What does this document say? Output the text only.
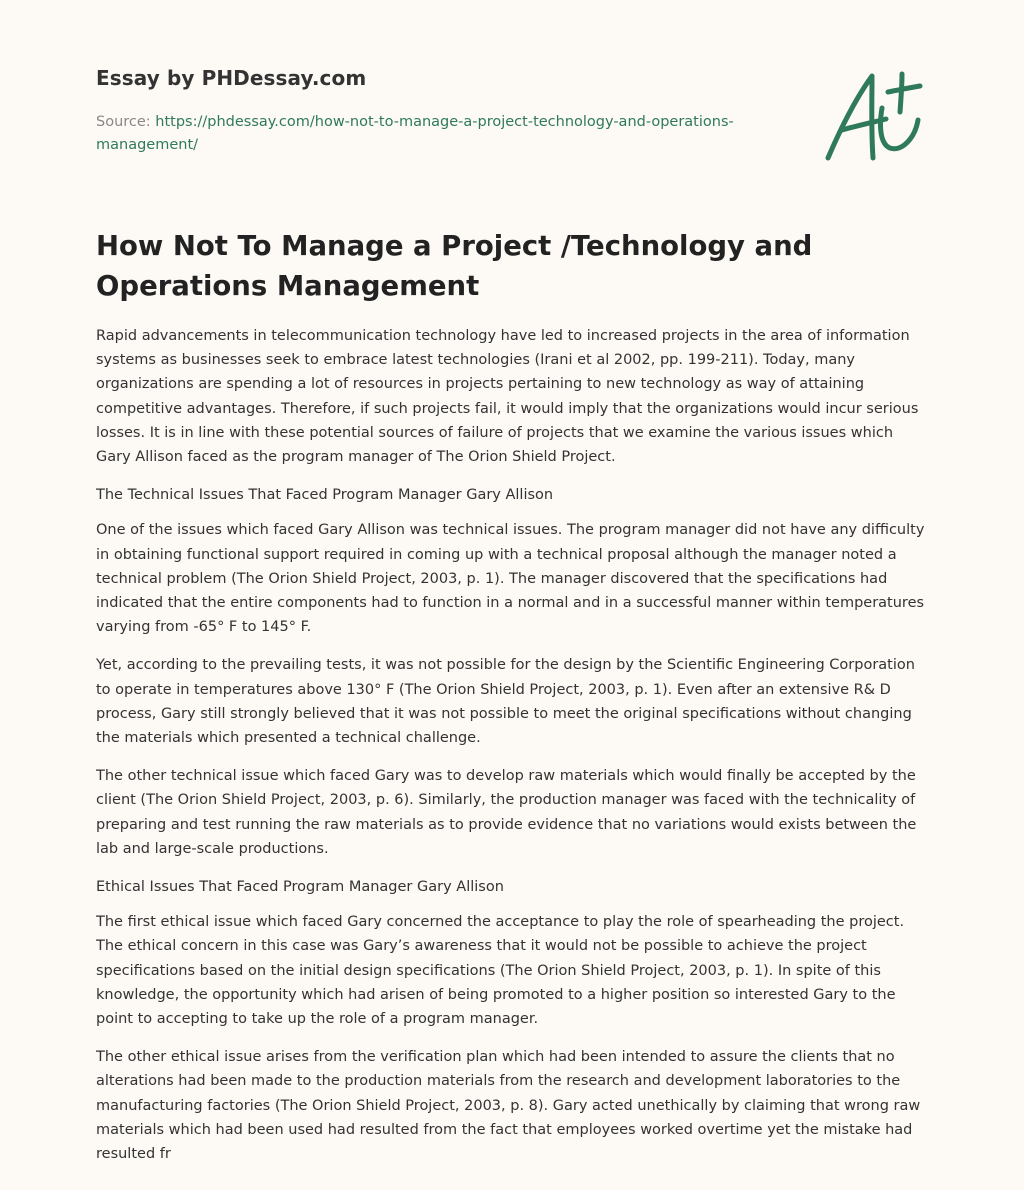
Essay by PHDessay.com
Source: https://phdessay.com/how-not-to-manage-a-project-technology-and-operations-management/
How Not To Manage a Project /Technology and Operations Management

Rapid advancements in telecommunication technology have led to increased projects in the area of information systems as businesses seek to embrace latest technologies (Irani et al 2002, pp. 199-211). Today, many organizations are spending a lot of resources in projects pertaining to new technology as way of attaining competitive advantages. Therefore, if such projects fail, it would imply that the organizations would incur serious losses. It is in line with these potential sources of failure of projects that we examine the various issues which Gary Allison faced as the program manager of The Orion Shield Project.

The Technical Issues That Faced Program Manager Gary Allison

One of the issues which faced Gary Allison was technical issues. The program manager did not have any difficulty in obtaining functional support required in coming up with a technical proposal although the manager noted a technical problem (The Orion Shield Project, 2003, p. 1). The manager discovered that the specifications had indicated that the entire components had to function in a normal and in a successful manner within temperatures varying from -65° F to 145° F.

Yet, according to the prevailing tests, it was not possible for the design by the Scientific Engineering Corporation to operate in temperatures above 130° F (The Orion Shield Project, 2003, p. 1). Even after an extensive R& D process, Gary still strongly believed that it was not possible to meet the original specifications without changing the materials which presented a technical challenge.

The other technical issue which faced Gary was to develop raw materials which would finally be accepted by the client (The Orion Shield Project, 2003, p. 6). Similarly, the production manager was faced with the technicality of preparing and test running the raw materials as to provide evidence that no variations would exists between the lab and large-scale productions.

Ethical Issues That Faced Program Manager Gary Allison

The first ethical issue which faced Gary concerned the acceptance to play the role of spearheading the project. The ethical concern in this case was Gary’s awareness that it would not be possible to achieve the project specifications based on the initial design specifications (The Orion Shield Project, 2003, p. 1). In spite of this knowledge, the opportunity which had arisen of being promoted to a higher position so interested Gary to the point to accepting to take up the role of a program manager.

The other ethical issue arises from the verification plan which had been intended to assure the clients that no alterations had been made to the production materials from the research and development laboratories to the manufacturing factories (The Orion Shield Project, 2003, p. 8). Gary acted unethically by claiming that wrong raw materials which had been used had resulted from the fact that employees worked overtime yet the mistake had resulted fr
